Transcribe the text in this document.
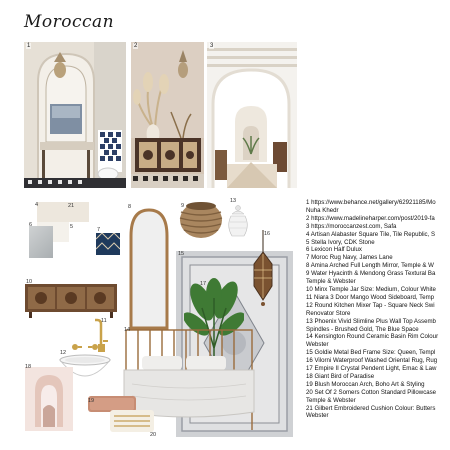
Moroccan
1	2	3
4
5
6
7
8	9
10
11
12
15
16
17
14
18
19
20
1 https://www.behance.net/gallery/62921185/Mo
Nuha Khedr
2 https://www.madelineharper.com/post/2019-fa
3 https://moroccanzest.com, Safa
4 Artisan Alabaster Square Tile, Tile Republic, S
5 Stella Ivory, CDK Stone
6 Lexicon Half Dulux
7 Moroc Rug Navy, James Lane
8 Amina Arched Full Length Mirror, Temple & W
9 Water Hyacinth & Mendong Grass Textural Ba
Temple & Webster
10 Minx Temple Jar Size: Medium, Colour White
11 Niara 3 Door Mango Wood Sideboard, Temp
12 Round Kitchen Mixer Tap - Square Neck Swi
Renovator Store
13 Phoenix Vivid Slimline Plus Wall Top Assemb
Spindles - Brushed Gold, The Blue Space
14 Kensington Round Ceramic Basin Rim Colour
Webster
15 Goldie Metal Bed Frame Size: Queen, Templ
16 Vilorni Waterproof Washed Oriental Rug, Rug
17 Empire II Crystal Pendent Light, Emac & Law
18 Giant Bird of Paradise
19 Blush Moroccan Arch, Boho Art & Styling
20 Set Of 2 Somers Cotton Standard Pillowcase
Temple & Webster
21 Gilbert Embroidered Cushion Colour: Butters
Webster
13
21
